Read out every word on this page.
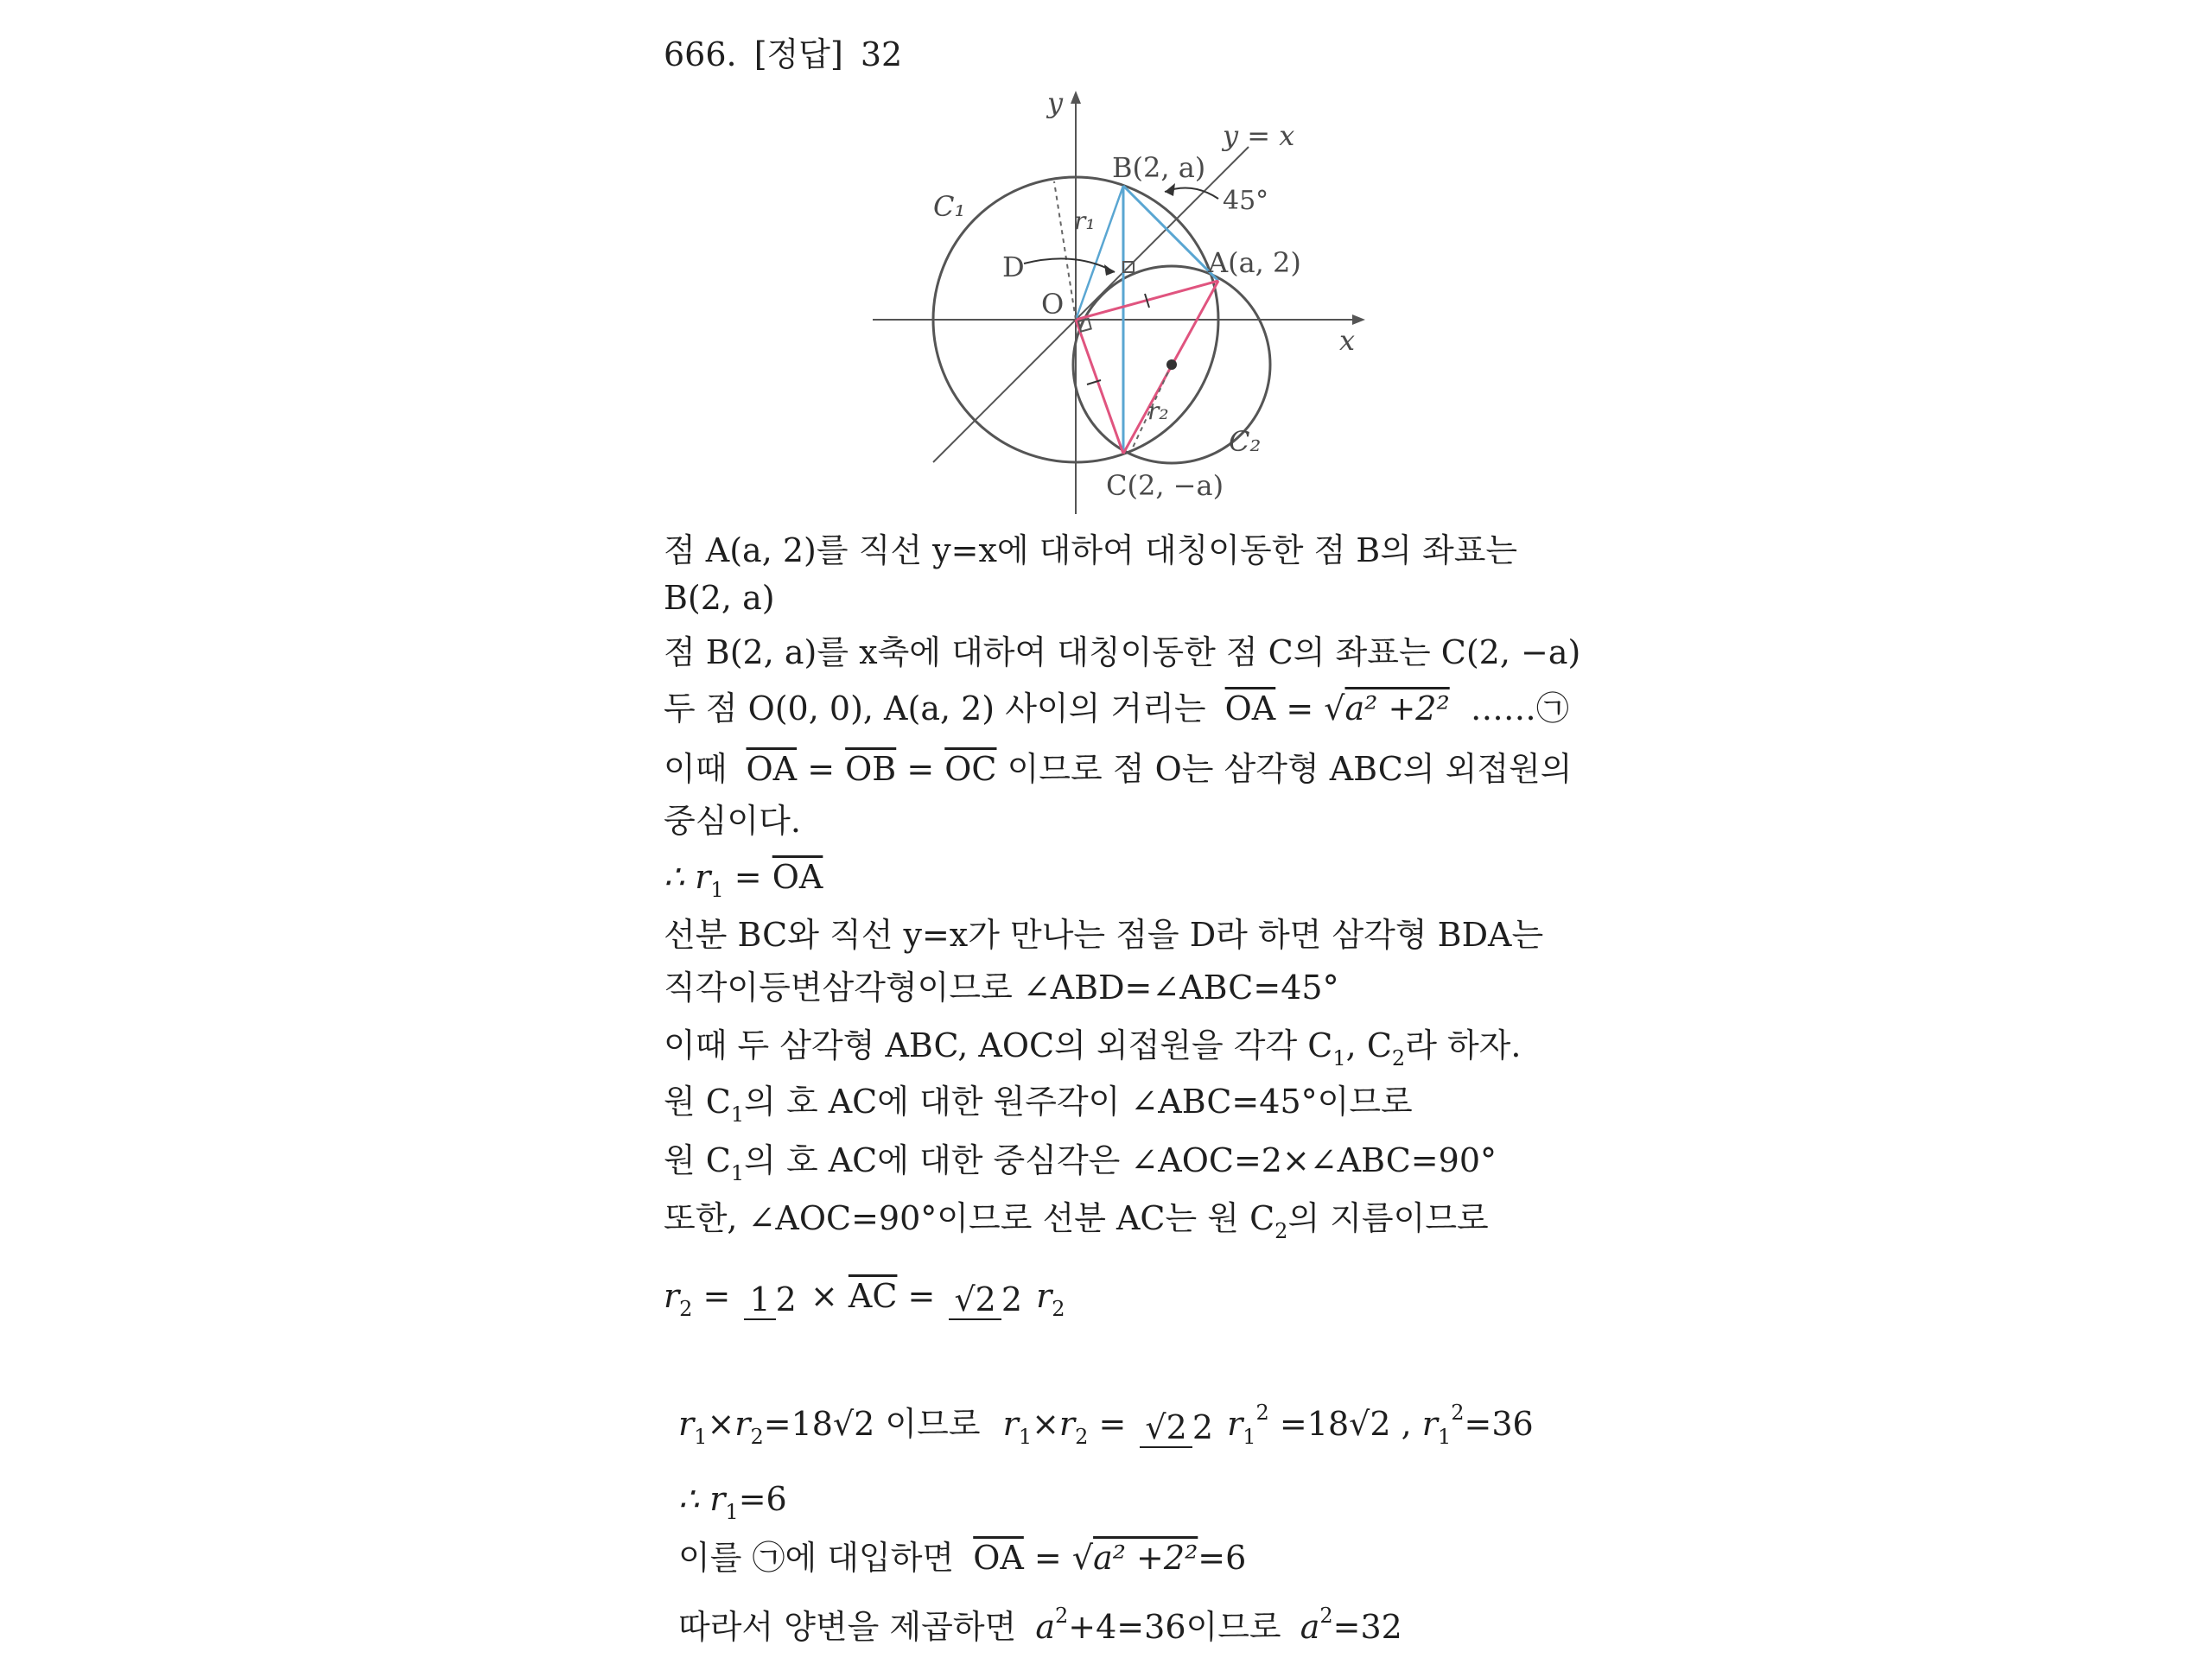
666. [정답] 32
y
x
y = x
B(2, a)
A(a, 2)
C(2, −a)
O
D
C₁
C₂
r₁
r₂
45°
점 A(a, 2)를 직선 y=x에 대하여 대칭이동한 점 B의 좌표는
B(2, a)
점 B(2, a)를 x축에 대하여 대칭이동한 점 C의 좌표는 C(2, −a)
두 점 O(0, 0), A(a, 2) 사이의 거리는 $\overline{OA} = √a^2 +2^2$ ……㉠
이때 $\overline{OA} = \overline{OB} = \overline{OC}$ 이므로 점 O는 삼각형 ABC의 외접원의
중심이다.
∴ $r1 = \overline{OA}$
선분 BC와 직선 y=x가 만나는 점을 D라 하면 삼각형 BDA는
직각이등변삼각형이므로 ∠ABD=∠ABC=45°
이때 두 삼각형 ABC, AOC의 외접원을 각각 C1, C2라 하자.
원 C1의 호 AC에 대한 원주각이 ∠ABC=45°이므로
원 C1의 호 AC에 대한 중심각은 ∠AOC=2×∠ABC=90°
또한, ∠AOC=90°이므로 선분 AC는 원 C2의 지름이므로
r2 = 1 $2 \times \overline{AC} = √2$ 2 r2
r1×r2=18√2 이므로 r1×r2 = √2 2 r12 =18√2 , r12=36
∴ r1=6
이를 ㉠에 대입하면 $\overline{OA} = √a^2 +2^2=6$
따라서 양변을 제곱하면 a2+4=36이므로 a2=32
